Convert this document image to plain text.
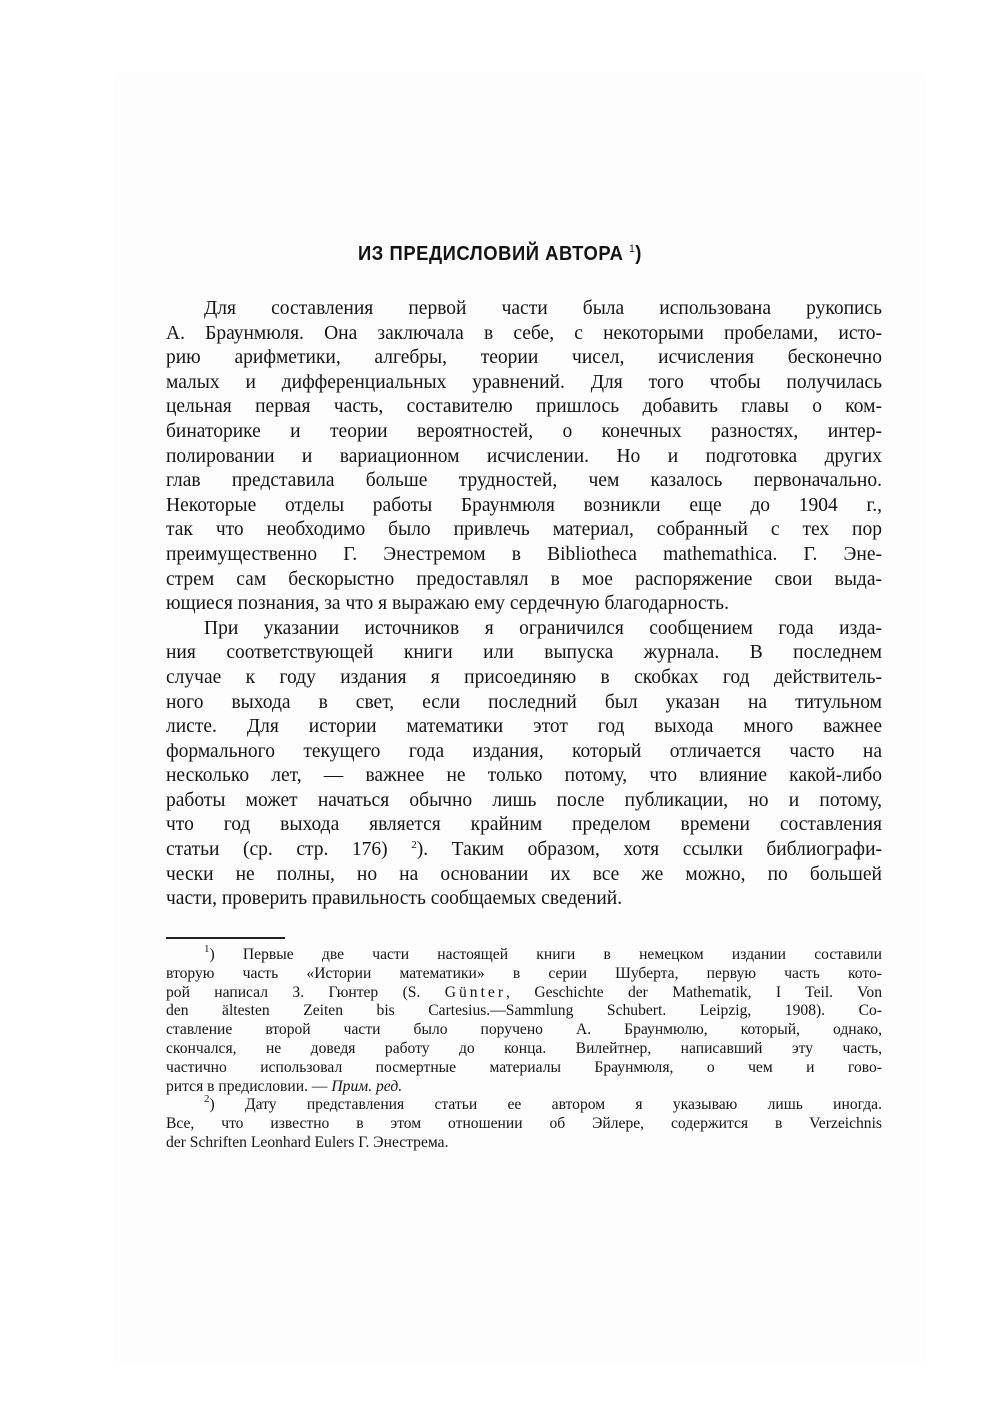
ИЗ ПРЕДИСЛОВИЙ АВТОРА $^1$)
Для составления первой части была использована рукопись
А. Браунмюля. Она заключала в себе, с некоторыми пробелами, исто-
рию арифметики, алгебры, теории чисел, исчисления бесконечно
малых и дифференциальных уравнений. Для того чтобы получилась
цельная первая часть, составителю пришлось добавить главы о ком-
бинаторике и теории вероятностей, о конечных разностях, интер-
полировании и вариационном исчислении. Но и подготовка других
глав представила больше трудностей, чем казалось первоначально.
Некоторые отделы работы Браунмюля возникли еще до 1904 г.,
так что необходимо было привлечь материал, собранный с тех пор
преимущественно Г. Энестремом в Bibliotheca mathemathica. Г. Эне-
стрем сам бескорыстно предоставлял в мое распоряжение свои выда-
ющиеся познания, за что я выражаю ему сердечную благодарность.
При указании источников я ограничился сообщением года изда-
ния соответствующей книги или выпуска журнала. В последнем
случае к году издания я присоединяю в скобках год действитель-
ного выхода в свет, если последний был указан на титульном
листе. Для истории математики этот год выхода много важнее
формального текущего года издания, который отличается часто на
несколько лет, — важнее не только потому, что влияние какой-либо
работы может начаться обычно лишь после публикации, но и потому,
что год выхода является крайним пределом времени составления
статьи (ср. стр. 176) $^2$). Таким образом, хотя ссылки библиографи-
чески не полны, но на основании их все же можно, по большей
части, проверить правильность сообщаемых сведений.
$^1$) Первые две части настоящей книги в немецком издании составили
вторую часть «Истории математики» в серии Шуберта, первую часть кото-
рой написал З. Гюнтер (S. Günter, Geschichte der Mathematik, I Teil. Von
den ältesten Zeiten bis Cartesius.—Sammlung Schubert. Leipzig, 1908). Со-
ставление второй части было поручено А. Браунмюлю, который, однако,
скончался, не доведя работу до конца. Вилейтнер, написавший эту часть,
частично использовал посмертные материалы Браунмюля, о чем и гово-
рится в предисловии. — Прим. ред.
$^2$) Дату представления статьи ее автором я указываю лишь иногда.
Все, что известно в этом отношении об Эйлере, содержится в Verzeichnis
der Schriften Leonhard Eulers Г. Энестрема.
